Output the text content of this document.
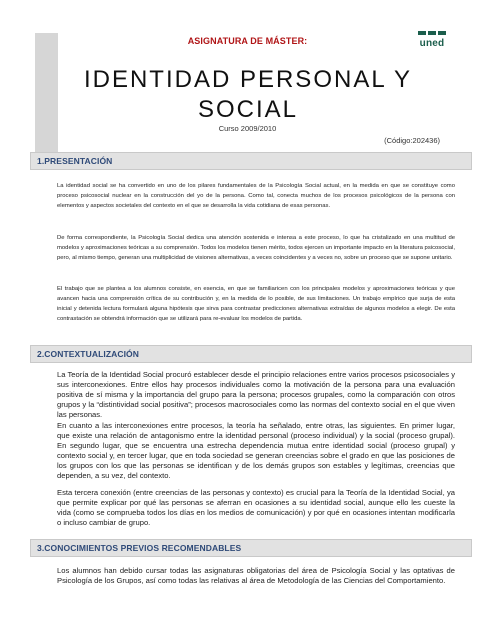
ASIGNATURA DE MÁSTER:	uned
IDENTIDAD PERSONAL Y
SOCIAL
Curso 2009/2010
(Código:202436)
1.PRESENTACIÓN

La identidad social se ha convertido en uno de los pilares fundamentales de la Psicología Social actual, en la medida en que se constituye como proceso psicosocial nuclear en la construcción del yo de la persona. Como tal, conecta muchos de los procesos psicológicos de la persona con elementos y aspectos societales del contexto en el que se desarrolla la vida cotidiana de esas personas.

De forma correspondiente, la Psicología Social dedica una atención sostenida e intensa a este proceso, lo que ha cristalizado en una multitud de modelos y aproximaciones teóricas a su comprensión. Todos los modelos tienen mérito, todos ejercen un importante impacto en la literatura psicosocial, pero, al mismo tiempo, generan una multiplicidad de visiones alternativas, a veces coincidentes y a veces no, sobre un proceso que se supone unitario.

El trabajo que se plantea a los alumnos consiste, en esencia, en que se familiaricen con los principales modelos y aproximaciones teóricas y que avancen hacia una comprensión crítica de su contribución y, en la medida de lo posible, de sus limitaciones. Un trabajo empírico que surja de esta inicial y detenida lectura formulará alguna hipótesis que sirva para contrastar predicciones alternativas extraídas de algunos modelos a elegir. De esta contrastación se obtendrá información que se utilizará para re-evaluar los modelos de partida.

2.CONTEXTUALIZACIÓN

La Teoría de la Identidad Social procuró establecer desde el principio relaciones entre varios procesos psicosociales y sus interconexiones. Entre ellos hay procesos individuales como la motivación de la persona para una evaluación positiva de sí misma y la importancia del grupo para la persona; procesos grupales, como la comparación con otros grupos y la “distintividad social positiva”; procesos macrosociales como las normas del contexto social en el que viven las personas.

En cuanto a las interconexiones entre procesos, la teoría ha señalado, entre otras, las siguientes. En primer lugar, que existe una relación de antagonismo entre la identidad personal (proceso individual) y la social (proceso grupal). En segundo lugar, que se encuentra una estrecha dependencia mutua entre identidad social (proceso grupal) y contexto social y, en tercer lugar, que en toda sociedad se generan creencias sobre el grado en que las posiciones de los grupos con los que las personas se identifican y de los demás grupos son estables y legítimas, creencias que dependen, a su vez, del contexto.

Esta tercera conexión (entre creencias de las personas y contexto) es crucial para la Teoría de la Identidad Social, ya que permite explicar por qué las personas se aferran en ocasiones a su identidad social, aunque ello les cueste la vida (como se comprueba todos los días en los medios de comunicación) y por qué en ocasiones intentan modificarla o incluso cambiar de grupo.

3.CONOCIMIENTOS PREVIOS RECOMENDABLES

Los alumnos han debido cursar todas las asignaturas obligatorias del área de Psicología Social y las optativas de Psicología de los Grupos, así como todas las relativas al área de Metodología de las Ciencias del Comportamiento.
